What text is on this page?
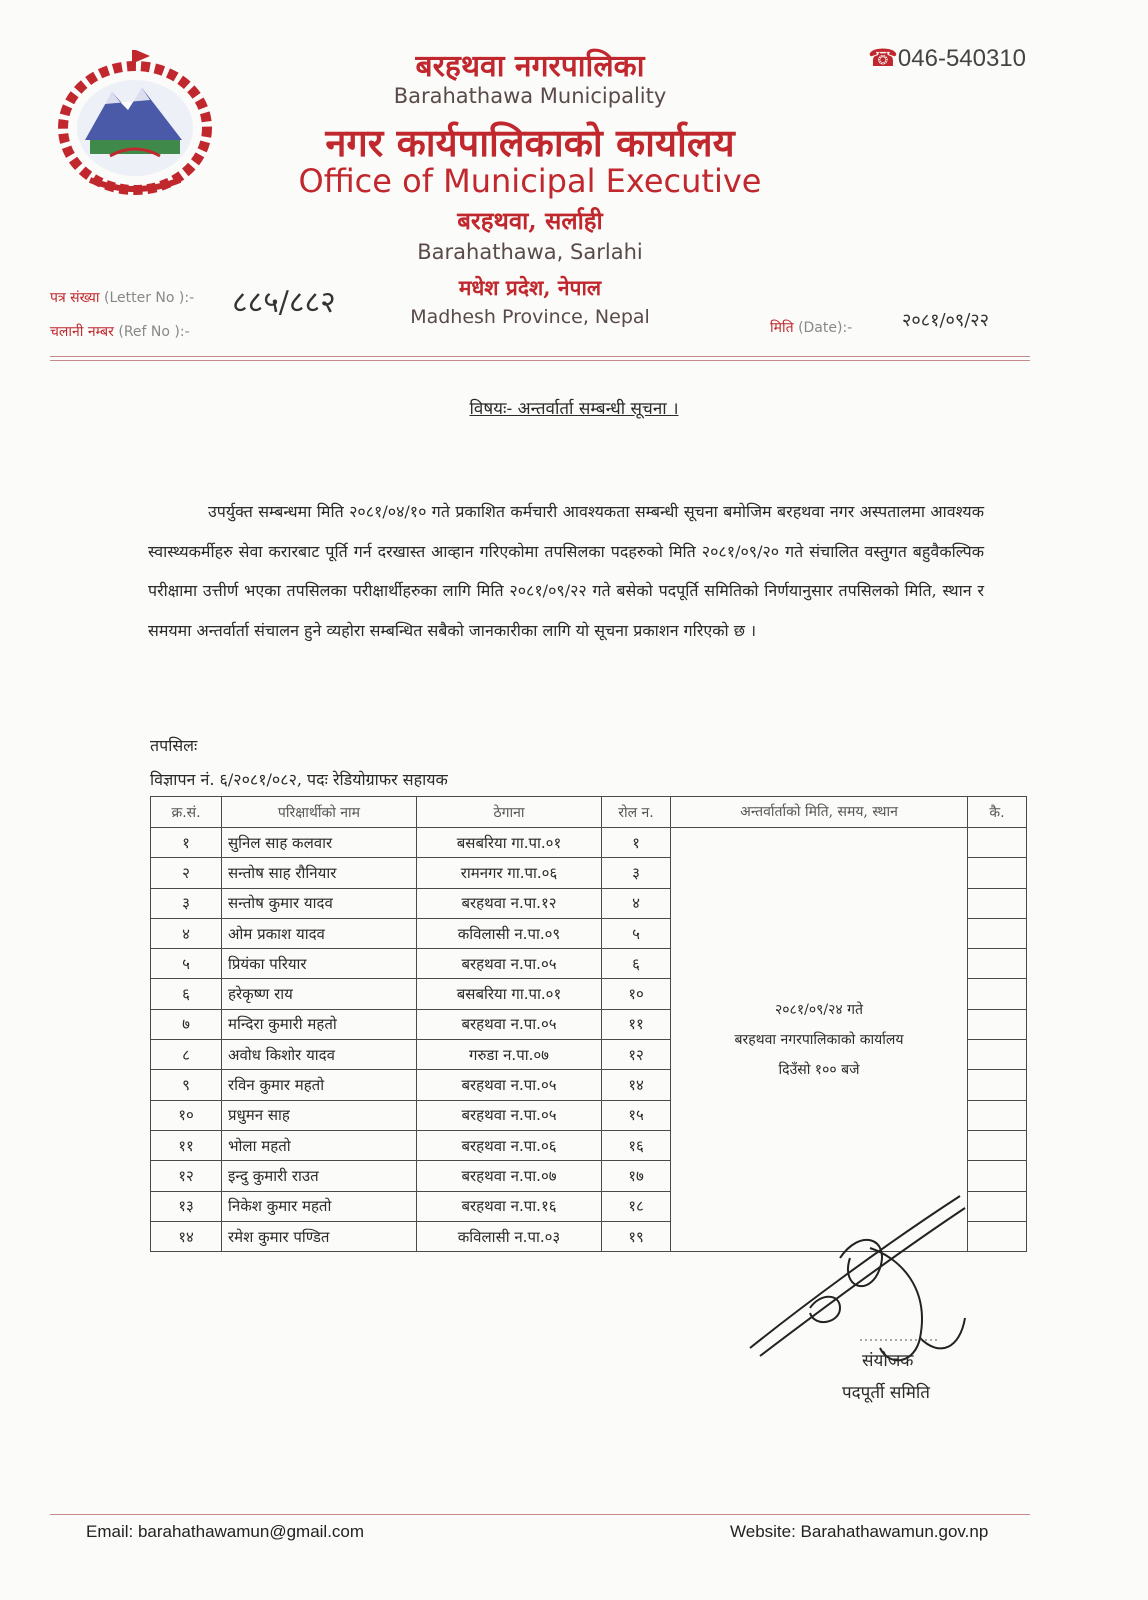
बरहथवा नगरपालिका
Barahathawa Municipality
नगर कार्यपालिकाको कार्यालय
Office of Municipal Executive
बरहथवा, सर्लाही
Barahathawa, Sarlahi
मधेश प्रदेश, नेपाल
Madhesh Province, Nepal
☎046-540310
पत्र संख्या (Letter No ):- ८८५/८८२
चलानी नम्बर (Ref No ):-	मिति (Date):-	२०८१/०९/२२
विषयः- अन्तर्वार्ता सम्बन्धी सूचना ।
उपर्युक्त सम्बन्धमा मिति २०८१/०४/१० गते प्रकाशित कर्मचारी आवश्यकता सम्बन्धी सूचना बमोजिम बरहथवा नगर अस्पतालमा आवश्यक स्वास्थ्यकर्मीहरु सेवा करारबाट पूर्ति गर्न दरखास्त आव्हान गरिएकोमा तपसिलका पदहरुको मिति २०८१/०९/२० गते संचालित वस्तुगत बहुवैकल्पिक परीक्षामा उत्तीर्ण भएका तपसिलका परीक्षार्थीहरुका लागि मिति २०८१/०९/२२ गते बसेको पदपूर्ति समितिको निर्णयानुसार तपसिलको मिति, स्थान र समयमा अन्तर्वार्ता संचालन हुने व्यहोरा सम्बन्धित सबैको जानकारीका लागि यो सूचना प्रकाशन गरिएको छ ।
तपसिलः
विज्ञापन नं. ६/२०८१/०८२, पदः रेडियोग्राफर सहायक
क्र.सं.	परिक्षार्थीको नाम	ठेगाना	रोल न.	अन्तर्वार्ताको मिति, समय, स्थान	कै.
१	सुनिल साह कलवार	बसबरिया गा.पा.०१	१	२०८१/०९/२४ गते
बरहथवा नगरपालिकाको कार्यालय
दिउँसो १०० बजे	

२	सन्तोष साह रौनियार	रामनगर गा.पा.०६	३		
३	सन्तोष कुमार यादव	बरहथवा न.पा.१२	४		
४	ओम प्रकाश यादव	कविलासी न.पा.०९	५		
५	प्रियंका परियार	बरहथवा न.पा.०५	६		
६	हरेकृष्ण राय	बसबरिया गा.पा.०१	१०		
७	मन्दिरा कुमारी महतो	बरहथवा न.पा.०५	११		
८	अवोध किशोर यादव	गरुडा न.पा.०७	१२		
९	रविन कुमार महतो	बरहथवा न.पा.०५	१४		
१०	प्रधुमन साह	बरहथवा न.पा.०५	१५		
११	भोला महतो	बरहथवा न.पा.०६	१६		
१२	इन्दु कुमारी राउत	बरहथवा न.पा.०७	१७		
१३	निकेश कुमार महतो	बरहथवा न.पा.१६	१८		
१४	रमेश कुमार पण्डित	कविलासी न.पा.०३	१९		
संयोजक
पदपूर्ती समिति
Email: barahathawamun@gmail.com	Website: Barahathawamun.gov.np
